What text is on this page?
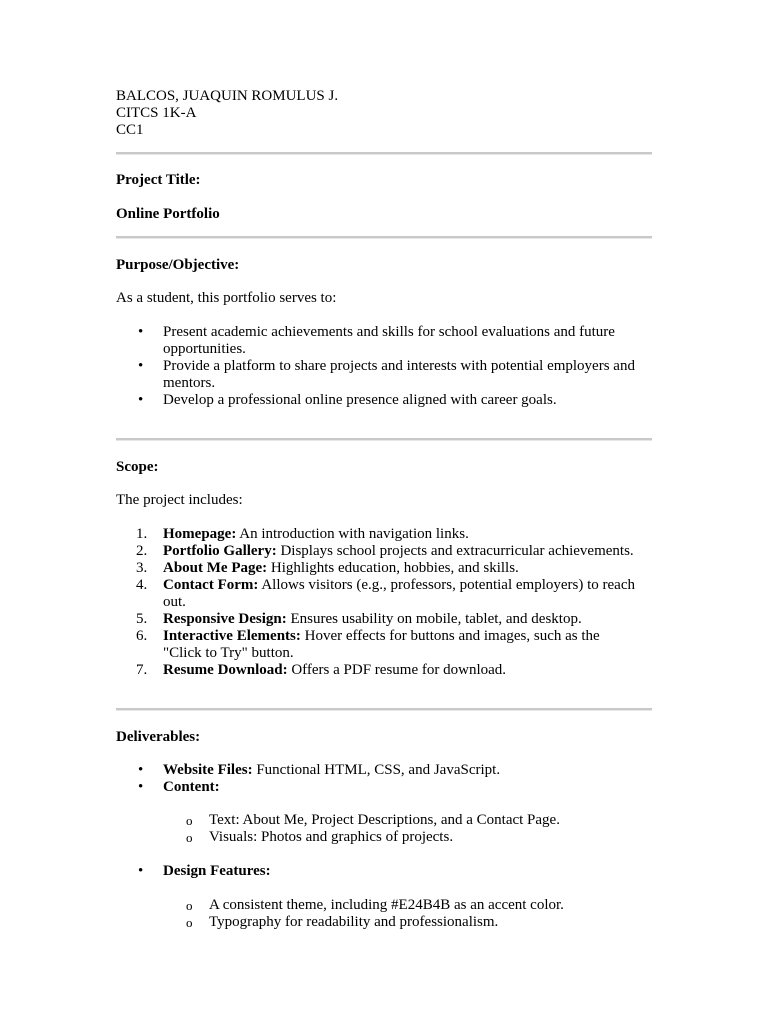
BALCOS, JUAQUIN ROMULUS J.
CITCS 1K-A
CC1
Project Title:
Online Portfolio
Purpose/Objective:
As a student, this portfolio serves to:
• Present academic achievements and skills for school evaluations and future
opportunities.
• Provide a platform to share projects and interests with potential employers and
mentors.
• Develop a professional online presence aligned with career goals.
Scope:
The project includes:
1. Homepage: An introduction with navigation links.
2. Portfolio Gallery: Displays school projects and extracurricular achievements.
3. About Me Page: Highlights education, hobbies, and skills.
4. Contact Form: Allows visitors (e.g., professors, potential employers) to reach
out.
5. Responsive Design: Ensures usability on mobile, tablet, and desktop.
6. Interactive Elements: Hover effects for buttons and images, such as the
"Click to Try" button.
7. Resume Download: Offers a PDF resume for download.
Deliverables:
• Website Files: Functional HTML, CSS, and JavaScript.
• Content:
o Text: About Me, Project Descriptions, and a Contact Page.
o Visuals: Photos and graphics of projects.
• Design Features:
o A consistent theme, including #E24B4B as an accent color.
o Typography for readability and professionalism.
